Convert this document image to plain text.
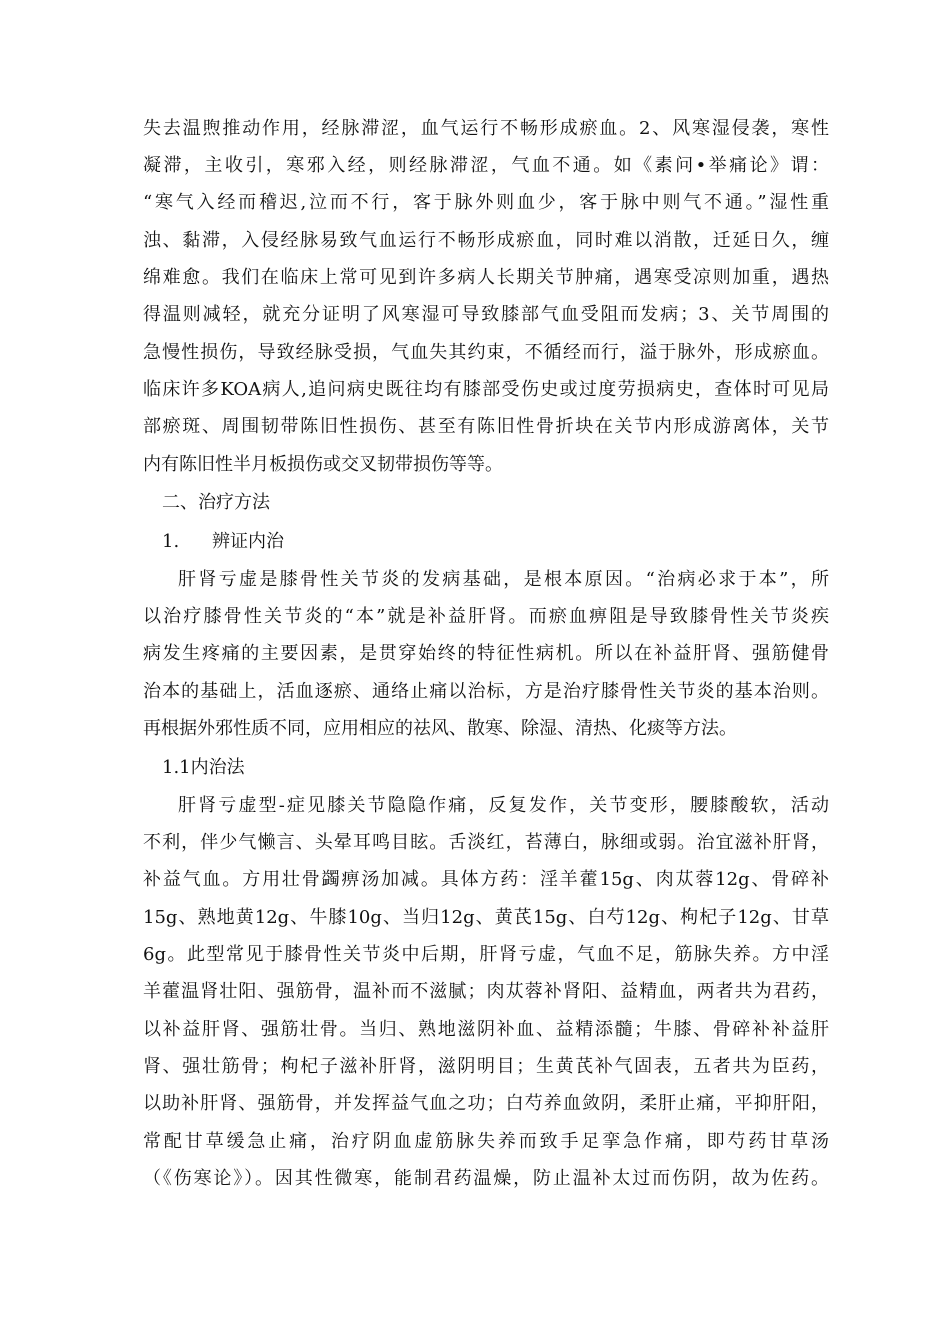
失去温煦推动作用，经脉滞涩，血气运行不畅形成瘀血。2、风寒湿侵袭，寒性
凝滞，主收引，寒邪入经，则经脉滞涩，气血不通。如《素问•举痛论》谓：
“寒气入经而稽迟,泣而不行，客于脉外则血少，客于脉中则气不通。”湿性重
浊、黏滞，入侵经脉易致气血运行不畅形成瘀血，同时难以消散，迁延日久，缠
绵难愈。我们在临床上常可见到许多病人长期关节肿痛，遇寒受凉则加重，遇热
得温则减轻，就充分证明了风寒湿可导致膝部气血受阻而发病；3、关节周围的
急慢性损伤，导致经脉受损，气血失其约束，不循经而行，溢于脉外，形成瘀血。
临床许多KOA病人,追问病史既往均有膝部受伤史或过度劳损病史，查体时可见局
部瘀斑、周围韧带陈旧性损伤、甚至有陈旧性骨折块在关节内形成游离体，关节
内有陈旧性半月板损伤或交叉韧带损伤等等。
二、治疗方法
1. 辨证内治
肝肾亏虚是膝骨性关节炎的发病基础，是根本原因。“治病必求于本”，所
以治疗膝骨性关节炎的“本”就是补益肝肾。而瘀血痹阻是导致膝骨性关节炎疾
病发生疼痛的主要因素，是贯穿始终的特征性病机。所以在补益肝肾、强筋健骨
治本的基础上，活血逐瘀、通络止痛以治标，方是治疗膝骨性关节炎的基本治则。
再根据外邪性质不同，应用相应的祛风、散寒、除湿、清热、化痰等方法。
1.1内治法
肝肾亏虚型-症见膝关节隐隐作痛，反复发作，关节变形，腰膝酸软，活动
不利，伴少气懒言、头晕耳鸣目眩。舌淡红，苔薄白，脉细或弱。治宜滋补肝肾，
补益气血。方用壮骨蠲痹汤加减。具体方药：淫羊藿15g、肉苁蓉12g、骨碎补
15g、熟地黄12g、牛膝10g、当归12g、黄芪15g、白芍12g、枸杞子12g、甘草
6g。此型常见于膝骨性关节炎中后期，肝肾亏虚，气血不足，筋脉失养。方中淫
羊藿温肾壮阳、强筋骨，温补而不滋腻；肉苁蓉补肾阳、益精血，两者共为君药，
以补益肝肾、强筋壮骨。当归、熟地滋阴补血、益精添髓；牛膝、骨碎补补益肝
肾、强壮筋骨；枸杞子滋补肝肾，滋阴明目；生黄芪补气固表，五者共为臣药，
以助补肝肾、强筋骨，并发挥益气血之功；白芍养血敛阴，柔肝止痛，平抑肝阳，
常配甘草缓急止痛，治疗阴血虚筋脉失养而致手足挛急作痛，即芍药甘草汤
（《伤寒论》）。因其性微寒，能制君药温燥，防止温补太过而伤阴，故为佐药。
